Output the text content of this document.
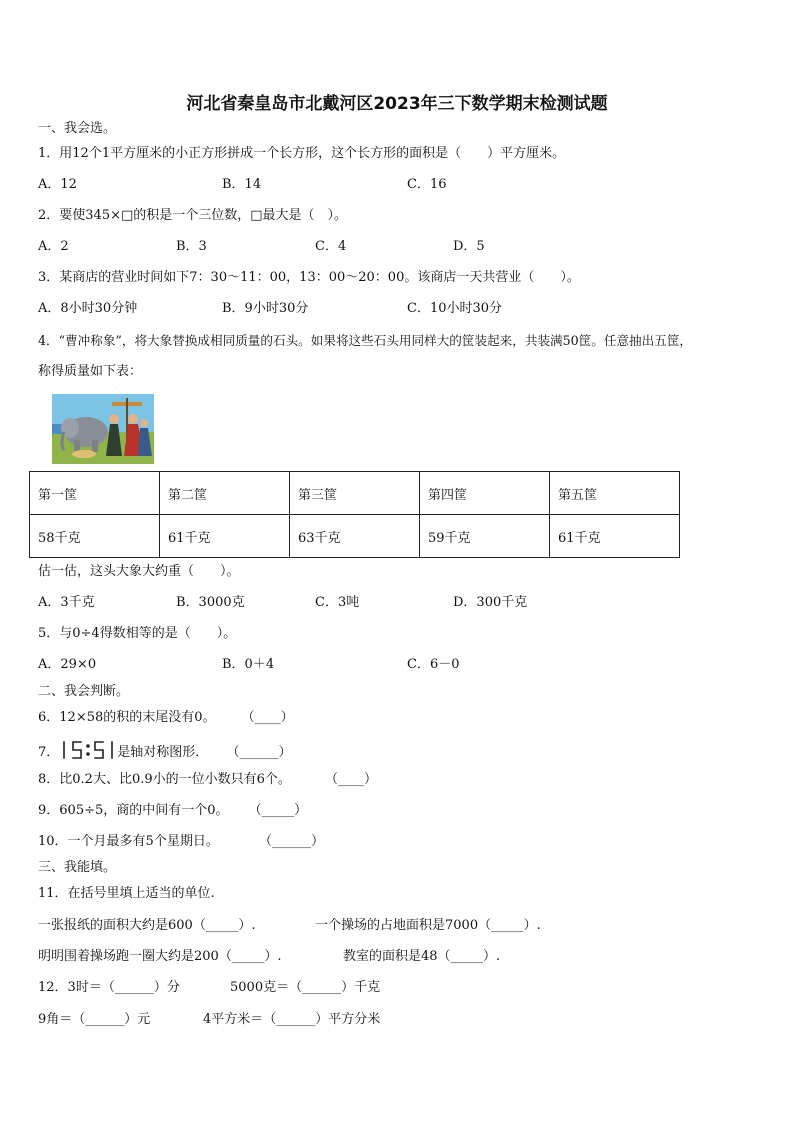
河北省秦皇岛市北戴河区2023年三下数学期末检测试题
一、我会选。
1．用12个1平方厘米的小正方形拼成一个长方形，这个长方形的面积是（　　）平方厘米。
A．12	B．14	C．16
2．要使345×□的积是一个三位数，□最大是（　）。
A．2	B．3	C．4	D．5
3．某商店的营业时间如下7：30～11：00，13：00～20：00。该商店一天共营业（　　）。
A．8小时30分钟	B．9小时30分	C．10小时30分
4．“曹冲称象”，将大象替换成相同质量的石头。如果将这些石头用同样大的筐装起来，共装满50筐。任意抽出五筐，
称得质量如下表：
第一筐	第二筐	第三筐	第四筐	第五筐
58千克	61千克	63千克	59千克	61千克
估一估，这头大象大约重（　　）。
A．3千克	B．3000克	C．3吨	D．300千克
5．与0÷4得数相等的是（　　）。
A．29×0	B．0＋4	C．6－0
二、我会判断。
6．12×58的积的末尾没有0。 （____）
7．	是轴对称图形． （______）
8．比0.2大、比0.9小的一位小数只有6个。	（____）
9．605÷5，商的中间有一个0。 （_____）
10．一个月最多有5个星期日。	（______）
三、我能填。
11．在括号里填上适当的单位.
一张报纸的面积大约是600（_____）.	一个操场的占地面积是7000（_____）.
明明围着操场跑一圈大约是200（_____）.	教室的面积是48（_____）.
12．3时＝（______）分	5000克＝（______）千克
9角＝（______）元	4平方米＝（______）平方分米
